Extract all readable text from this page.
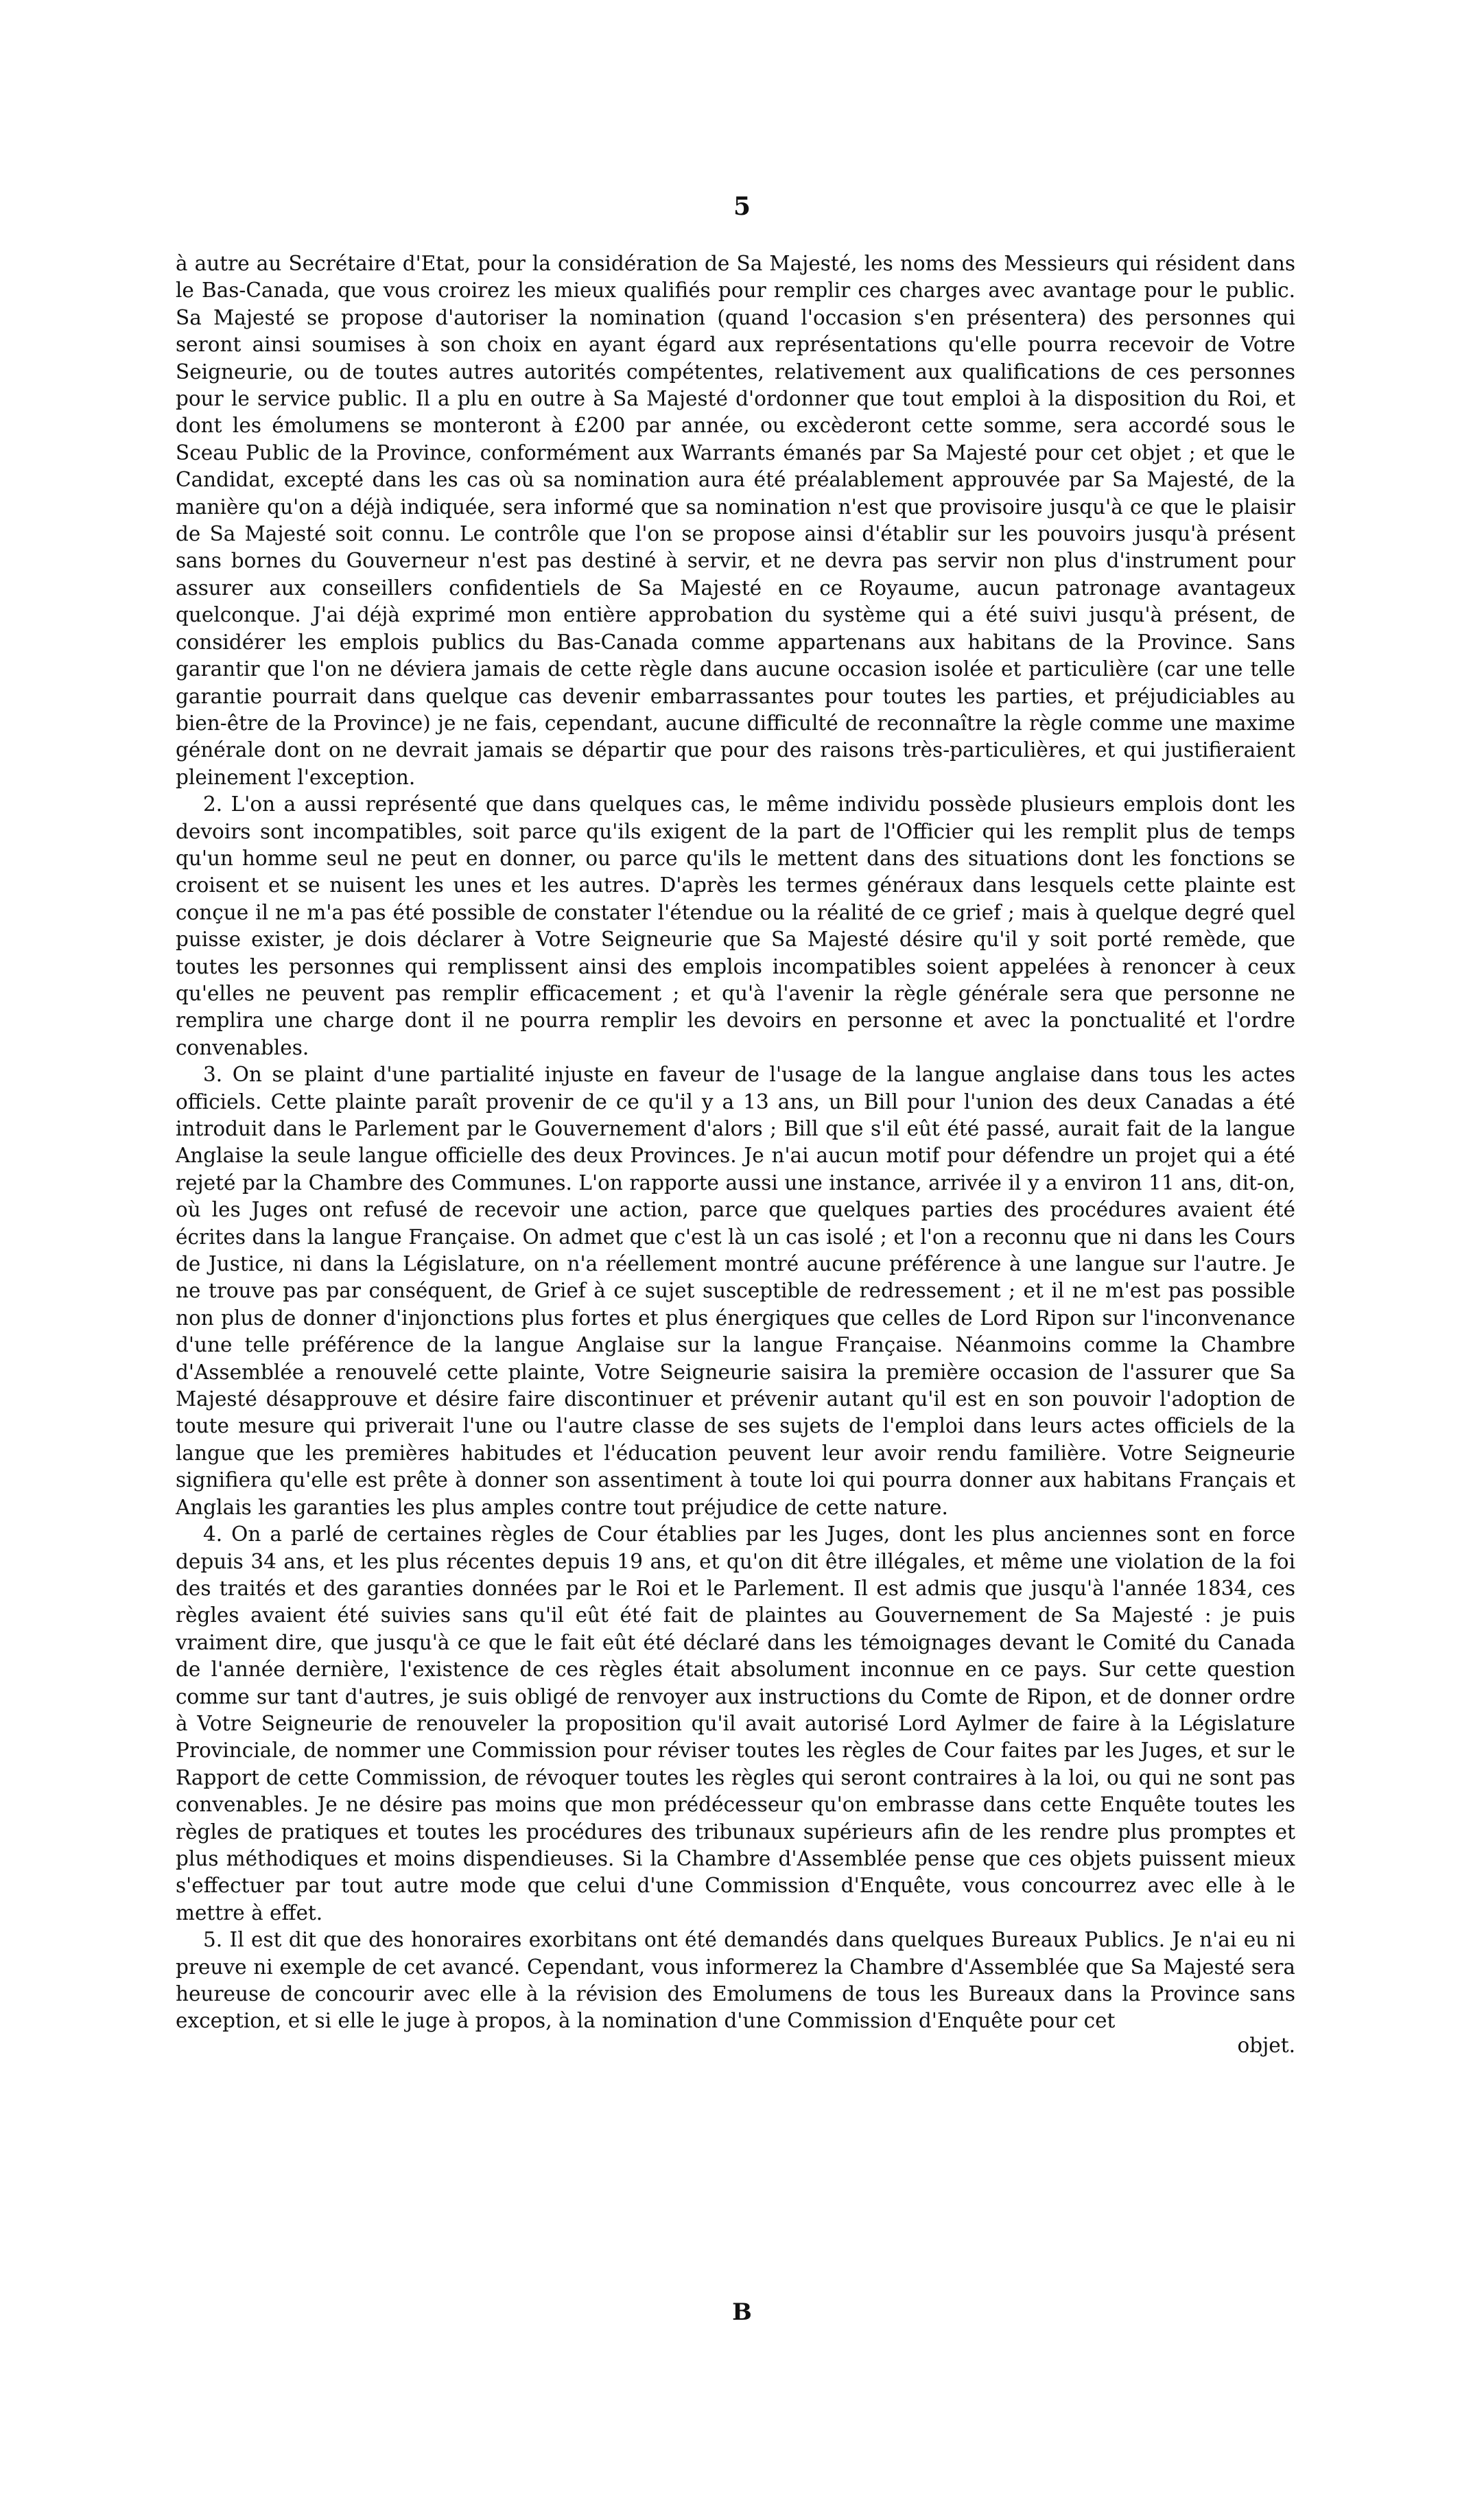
5

à autre au Secrétaire d'Etat, pour la considération de Sa Majesté, les noms des Messieurs qui résident dans le Bas-Canada, que vous croirez les mieux qualifiés pour remplir ces charges avec avantage pour le public. Sa Majesté se propose d'autoriser la nomination (quand l'occasion s'en présentera) des personnes qui seront ainsi soumises à son choix en ayant égard aux représentations qu'elle pourra recevoir de Votre Seigneurie, ou de toutes autres autorités compétentes, relativement aux qualifications de ces personnes pour le service public. Il a plu en outre à Sa Majesté d'ordonner que tout emploi à la disposition du Roi, et dont les émolumens se monteront à £200 par année, ou excèderont cette somme, sera accordé sous le Sceau Public de la Province, conformément aux Warrants émanés par Sa Majesté pour cet objet ; et que le Candidat, excepté dans les cas où sa nomination aura été préalablement approuvée par Sa Majesté, de la manière qu'on a déjà indiquée, sera informé que sa nomination n'est que provisoire jusqu'à ce que le plaisir de Sa Majesté soit connu. Le contrôle que l'on se propose ainsi d'établir sur les pouvoirs jusqu'à présent sans bornes du Gouverneur n'est pas destiné à servir, et ne devra pas servir non plus d'instrument pour assurer aux conseillers confidentiels de Sa Majesté en ce Royaume, aucun patronage avantageux quelconque. J'ai déjà exprimé mon entière approbation du système qui a été suivi jusqu'à présent, de considérer les emplois publics du Bas-Canada comme appartenans aux habitans de la Province. Sans garantir que l'on ne déviera jamais de cette règle dans aucune occasion isolée et particulière (car une telle garantie pourrait dans quelque cas devenir embarrassantes pour toutes les parties, et préjudiciables au bien-être de la Province) je ne fais, cependant, aucune difficulté de reconnaître la règle comme une maxime générale dont on ne devrait jamais se départir que pour des raisons très-particulières, et qui justifieraient pleinement l'exception.

2. L'on a aussi représenté que dans quelques cas, le même individu possède plusieurs emplois dont les devoirs sont incompatibles, soit parce qu'ils exigent de la part de l'Officier qui les remplit plus de temps qu'un homme seul ne peut en donner, ou parce qu'ils le mettent dans des situations dont les fonctions se croisent et se nuisent les unes et les autres. D'après les termes généraux dans lesquels cette plainte est conçue il ne m'a pas été possible de constater l'étendue ou la réalité de ce grief ; mais à quelque degré quel puisse exister, je dois déclarer à Votre Seigneurie que Sa Majesté désire qu'il y soit porté remède, que toutes les personnes qui remplissent ainsi des emplois incompatibles soient appelées à renoncer à ceux qu'elles ne peuvent pas remplir efficacement ; et qu'à l'avenir la règle générale sera que personne ne remplira une charge dont il ne pourra remplir les devoirs en personne et avec la ponctualité et l'ordre convenables.

3. On se plaint d'une partialité injuste en faveur de l'usage de la langue anglaise dans tous les actes officiels. Cette plainte paraît provenir de ce qu'il y a 13 ans, un Bill pour l'union des deux Canadas a été introduit dans le Parlement par le Gouvernement d'alors ; Bill que s'il eût été passé, aurait fait de la langue Anglaise la seule langue officielle des deux Provinces. Je n'ai aucun motif pour défendre un projet qui a été rejeté par la Chambre des Communes. L'on rapporte aussi une instance, arrivée il y a environ 11 ans, dit-on, où les Juges ont refusé de recevoir une action, parce que quelques parties des procédures avaient été écrites dans la langue Française. On admet que c'est là un cas isolé ; et l'on a reconnu que ni dans les Cours de Justice, ni dans la Législature, on n'a réellement montré aucune préférence à une langue sur l'autre. Je ne trouve pas par conséquent, de Grief à ce sujet susceptible de redressement ; et il ne m'est pas possible non plus de donner d'injonctions plus fortes et plus énergiques que celles de Lord Ripon sur l'inconvenance d'une telle préférence de la langue Anglaise sur la langue Française. Néanmoins comme la Chambre d'Assemblée a renouvelé cette plainte, Votre Seigneurie saisira la première occasion de l'assurer que Sa Majesté désapprouve et désire faire discontinuer et prévenir autant qu'il est en son pouvoir l'adoption de toute mesure qui priverait l'une ou l'autre classe de ses sujets de l'emploi dans leurs actes officiels de la langue que les premières habitudes et l'éducation peuvent leur avoir rendu familière. Votre Seigneurie signifiera qu'elle est prête à donner son assentiment à toute loi qui pourra donner aux habitans Français et Anglais les garanties les plus amples contre tout préjudice de cette nature.

4. On a parlé de certaines règles de Cour établies par les Juges, dont les plus anciennes sont en force depuis 34 ans, et les plus récentes depuis 19 ans, et qu'on dit être illégales, et même une violation de la foi des traités et des garanties données par le Roi et le Parlement. Il est admis que jusqu'à l'année 1834, ces règles avaient été suivies sans qu'il eût été fait de plaintes au Gouvernement de Sa Majesté : je puis vraiment dire, que jusqu'à ce que le fait eût été déclaré dans les témoignages devant le Comité du Canada de l'année dernière, l'existence de ces règles était absolument inconnue en ce pays. Sur cette question comme sur tant d'autres, je suis obligé de renvoyer aux instructions du Comte de Ripon, et de donner ordre à Votre Seigneurie de renouveler la proposition qu'il avait autorisé Lord Aylmer de faire à la Législature Provinciale, de nommer une Commission pour réviser toutes les règles de Cour faites par les Juges, et sur le Rapport de cette Commission, de révoquer toutes les règles qui seront contraires à la loi, ou qui ne sont pas convenables. Je ne désire pas moins que mon prédécesseur qu'on embrasse dans cette Enquête toutes les règles de pratiques et toutes les procédures des tribunaux supérieurs afin de les rendre plus promptes et plus méthodiques et moins dispendieuses. Si la Chambre d'Assemblée pense que ces objets puissent mieux s'effectuer par tout autre mode que celui d'une Commission d'Enquête, vous concourrez avec elle à le mettre à effet.

5. Il est dit que des honoraires exorbitans ont été demandés dans quelques Bureaux Publics. Je n'ai eu ni preuve ni exemple de cet avancé. Cependant, vous informerez la Chambre d'Assemblée que Sa Majesté sera heureuse de concourir avec elle à la révision des Emolumens de tous les Bureaux dans la Province sans exception, et si elle le juge à propos, à la nomination d'une Commission d'Enquête pour cet

objet.

B
